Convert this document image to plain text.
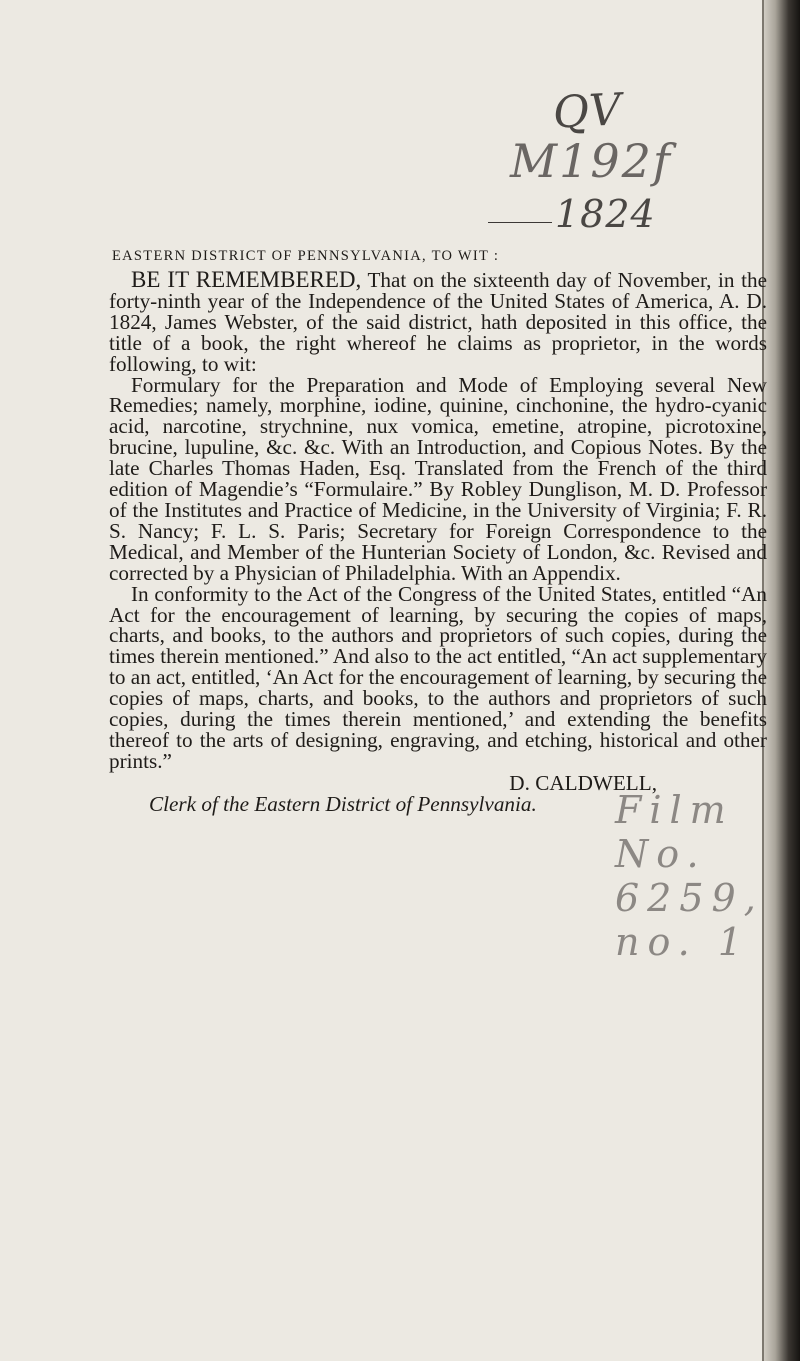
QV
M192f
1824
EASTERN DISTRICT OF PENNSYLVANIA, TO WIT :

BE IT REMEMBERED, That on the sixteenth day of November, in the forty-ninth year of the Independence of the United States of America, A. D. 1824, James Webster, of the said district, hath deposited in this office, the title of a book, the right whereof he claims as proprietor, in the words following, to wit:

Formulary for the Preparation and Mode of Employing several New Remedies; namely, morphine, iodine, quinine, cinchonine, the hydro-cyanic acid, narcotine, strychnine, nux vomica, emetine, atropine, picrotoxine, brucine, lupuline, &c. &c. With an Introduction, and Copious Notes. By the late Charles Thomas Haden, Esq. Translated from the French of the third edition of Magendie’s “Formulaire.” By Robley Dunglison, M. D. Professor of the Institutes and Practice of Medicine, in the University of Virginia; F. R. S. Nancy; F. L. S. Paris; Secretary for Foreign Correspondence to the Medical, and Member of the Hunterian Society of London, &c. Revised and corrected by a Physician of Philadelphia. With an Appendix.

In conformity to the Act of the Congress of the United States, entitled “An Act for the encouragement of learning, by securing the copies of maps, charts, and books, to the authors and proprietors of such copies, during the times therein mentioned.” And also to the act entitled, “An act supplementary to an act, entitled, ‘An Act for the encouragement of learning, by securing the copies of maps, charts, and books, to the authors and proprietors of such copies, during the times therein mentioned,’ and extending the benefits thereof to the arts of designing, engraving, and etching, historical and other prints.”

D. CALDWELL,

Clerk of the Eastern District of Pennsylvania.	Film No. 6259, no. 1
